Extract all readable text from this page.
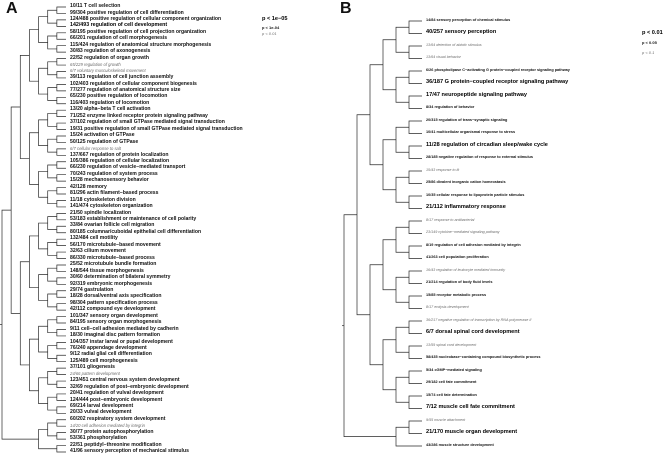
A	10/11 T cell selection
99/304 positive regulation of cell differentiation
124/488 positive regulation of cellular component organization
142/493 regulation of cell development
58/195 positive regulation of cell projection organization
66/201 regulation of cell morphogenesis
115/424 regulation of anatomical structure morphogenesis
30/83 regulation of axonogenesis
22/52 regulation of organ growth
65/229 regulation of growth
6/7 voluntary musculoskeletal movement
39/113 regulation of cell junction assembly
102/403 regulation of cellular component biogenesis
77/277 regulation of anatomical structure size
65/230 positive regulation of locomotion
116/403 regulation of locomotion
13/20 alpha−beta T cell activation
71/252 enzyme linked receptor protein signaling pathway
37/102 regulation of small GTPase mediated signal transduction
19/31 positive regulation of small GTPase mediated signal transduction
15/24 activation of GTPase
50/125 regulation of GTPase
6/7 cellular response to salt
137/667 regulation of protein localization
105/386 regulation of cellular localization
66/230 regulation of vesicle−mediated transport
70/243 regulation of system process
15/28 mechanosensory behavior
42/128 memory
81/296 actin filament−based process
11/18 cytoskeleton division
141/474 cytoskeleton organization
21/50 spindle localization
53/183 establishment or maintenance of cell polarity
33/84 ovarian follicle cell migration
80/185 columnar/cuboidal epithelial cell differentiation
132/484 cell motility
56/170 microtubule−based movement
32/63 cilium movement
86/330 microtubule−based process
25/52 microtubule bundle formation
148/544 tissue morphogenesis
30/60 determination of bilateral symmetry
92/319 embryonic morphogenesis
29/74 gastrulation
18/28 dorsal/ventral axis specification
98/304 pattern specification process
42/112 compound eye development
101/347 sensory organ development
84/195 sensory organ morphogenesis
9/11 cell−cell adhesion mediated by cadherin
18/30 imaginal disc pattern formation
104/357 instar larval or pupal development
76/240 appendage development
9/12 radial glial cell differentiation
125/489 cell morphogenesis
37/101 gliogenesis
24/66 pattern development
123/451 central nervous system development
32/69 regulation of post−embryonic development
20/41 regulation of vulval development
124/444 post−embryonic development
69/214 larval development
20/33 vulval development
60/202 respiratory system development
14/20 cell adhesion mediated by integrin
30/77 protein autophosphorylation
53/361 phosphorylation
22/51 peptidyl−threonine modification
41/96 sensory perception of mechanical stimulus
p < 1e−05
p < 1e-04
p < 0.01
B
14/84 sensory perception of chemical stimulus
40/257 sensory perception
13/64 detection of abiotic stimulus
13/64 visual behavior
6/26 phospholipase C−activating G protein−coupled receptor signaling pathway
36/187 G protein−coupled receptor signaling pathway
17/47 neuropeptide signaling pathway
8/34 regulation of behavior
20/315 regulation of trans−synaptic signaling
10/41 multicellular organismal response to stress
11/28 regulation of circadian sleep/wake cycle
28/185 negative regulation of response to external stimulus
15/43 response to lit
25/86 divalent inorganic cation homeostasis
10/35 cellular response to lipoprotein particle stimulus
21/112 inflammatory response
8/17 response to antibacterial
23/149 cytokine−mediated signaling pathway
8/19 regulation of cell adhesion mediated by integrin
41/263 cell population proliferation
16/43 regulation of leukocyte mediated immunity
21/214 regulation of body fluid levels
15/85 receptor metabolic process
8/17 ecdysis development
36/217 negative regulation of transcription by RNA polymerase II
6/7 dorsal spinal cord development
13/59 spinal cord development
58/435 nucleobase−containing compound biosynthetic process
5/34 cGMP−mediated signaling
29/182 cell fate commitment
15/74 cell fate determination
7/12 muscle cell fate commitment
9/55 muscle attachment
21/170 muscle organ development
43/286 muscle structure development
p < 0.01
p < 0.05
p < 0.1
